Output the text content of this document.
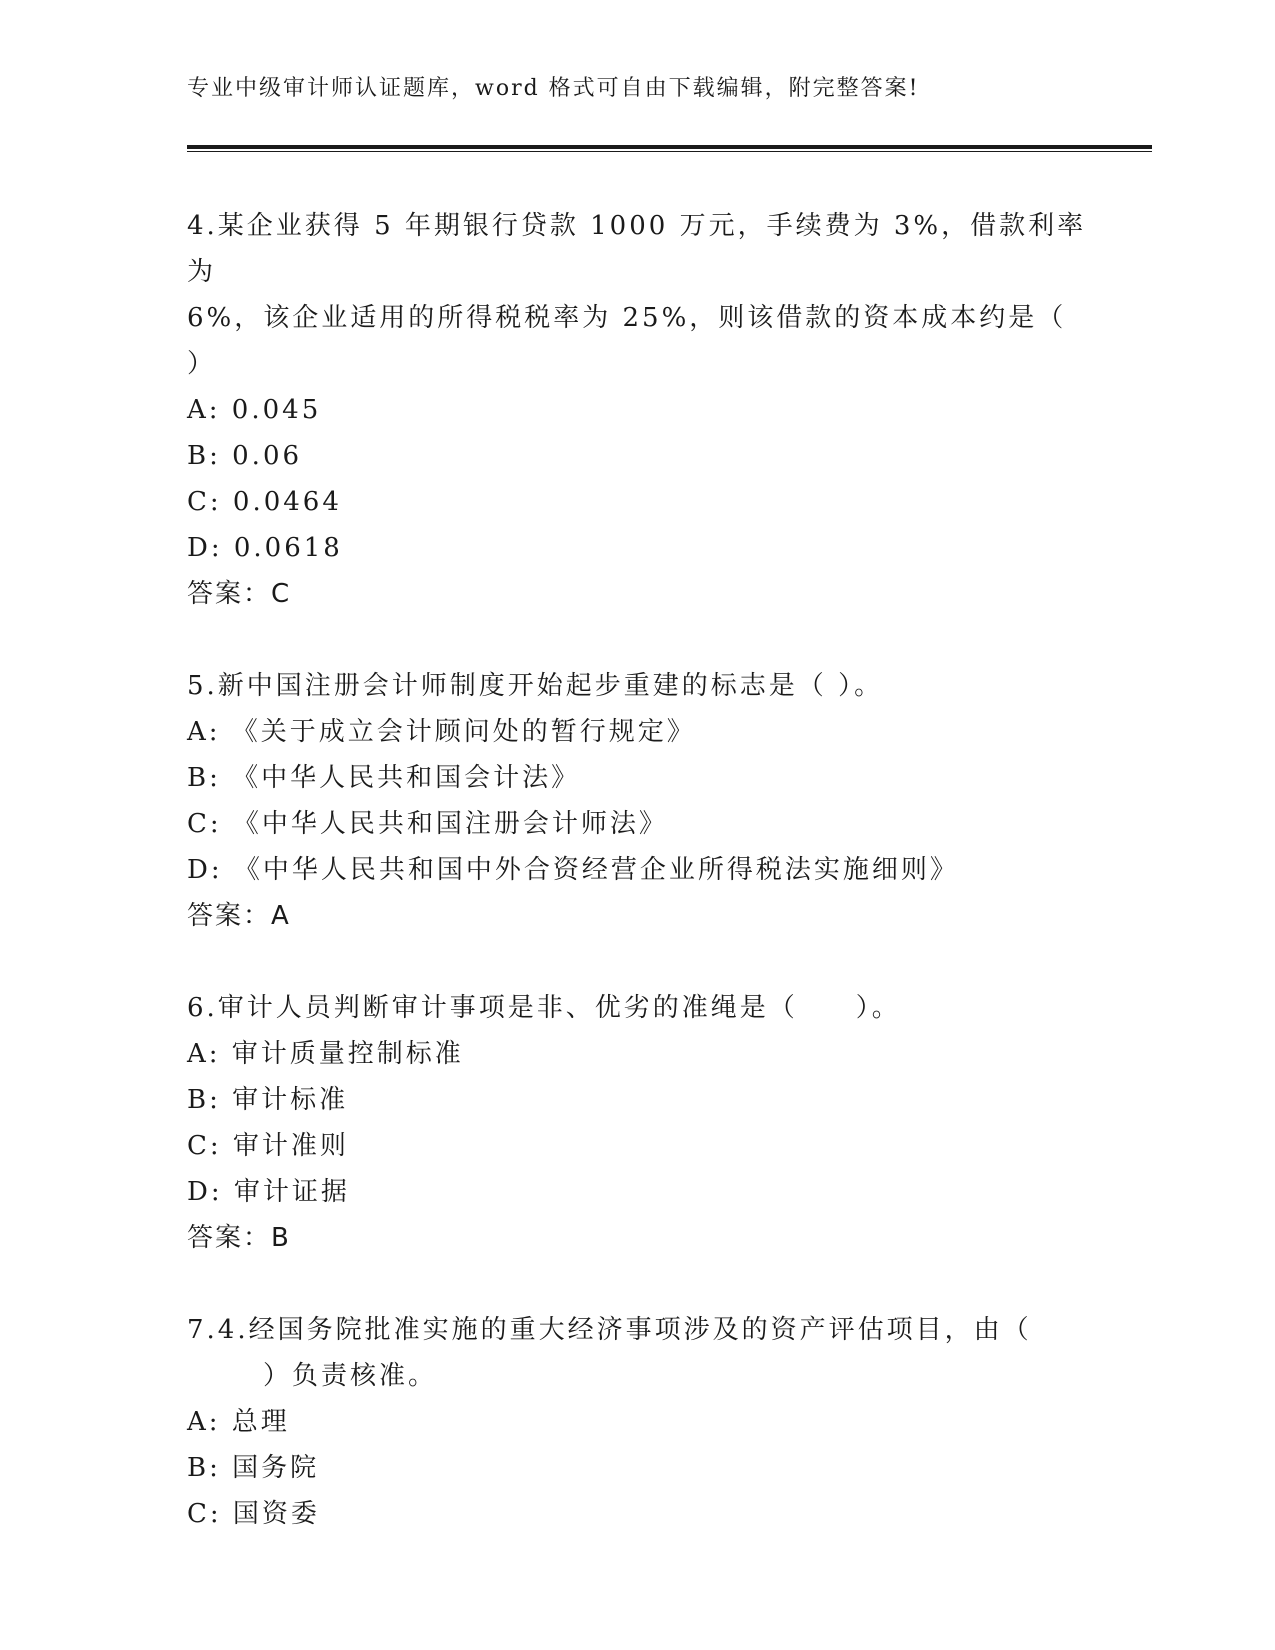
专业中级审计师认证题库，word 格式可自由下载编辑，附完整答案!
4.某企业获得 5 年期银行贷款 1000 万元，手续费为 3%，借款利率为
6%，该企业适用的所得税税率为 25%，则该借款的资本成本约是（
）
A: 0.045
B: 0.06
C: 0.0464
D: 0.0618
答案：C
5.新中国注册会计师制度开始起步重建的标志是（ ）。
A: 《关于成立会计顾问处的暂行规定》
B: 《中华人民共和国会计法》
C: 《中华人民共和国注册会计师法》
D: 《中华人民共和国中外合资经营企业所得税法实施细则》
答案：A
6.审计人员判断审计事项是非、优劣的准绳是（　　）。
A: 审计质量控制标准
B: 审计标准
C: 审计准则
D: 审计证据
答案：B
7.4.经国务院批准实施的重大经济事项涉及的资产评估项目，由（
）负责核准。
A: 总理
B: 国务院
C: 国资委
